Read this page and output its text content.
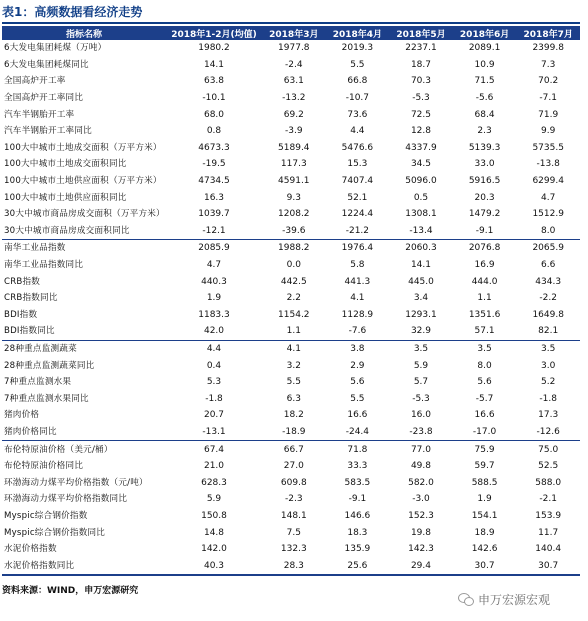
表1：高频数据看经济走势
指标名称	2018年1-2月(均值)	2018年3月	2018年4月	2018年5月	2018年6月	2018年7月
6大发电集团耗煤（万吨）	1980.2	1977.8	2019.3	2237.1	2089.1	2399.8
6大发电集团耗煤同比	14.1	-2.4	5.5	18.7	10.9	7.3
全国高炉开工率	63.8	63.1	66.8	70.3	71.5	70.2
全国高炉开工率同比	-10.1	-13.2	-10.7	-5.3	-5.6	-7.1
汽车半钢胎开工率	68.0	69.2	73.6	72.5	68.4	71.9
汽车半钢胎开工率同比	0.8	-3.9	4.4	12.8	2.3	9.9
100大中城市土地成交面积（万平方米）	4673.3	5189.4	5476.6	4337.9	5139.3	5735.5
100大中城市土地成交面积同比	-19.5	117.3	15.3	34.5	33.0	-13.8
100大中城市土地供应面积（万平方米）	4734.5	4591.1	7407.4	5096.0	5916.5	6299.4
100大中城市土地供应面积同比	16.3	9.3	52.1	0.5	20.3	4.7
30大中城市商品房成交面积（万平方米）	1039.7	1208.2	1224.4	1308.1	1479.2	1512.9
30大中城市商品房成交面积同比	-12.1	-39.6	-21.2	-13.4	-9.1	8.0
南华工业品指数	2085.9	1988.2	1976.4	2060.3	2076.8	2065.9
南华工业品指数同比	4.7	0.0	5.8	14.1	16.9	6.6
CRB指数	440.3	442.5	441.3	445.0	444.0	434.3
CRB指数同比	1.9	2.2	4.1	3.4	1.1	-2.2
BDI指数	1183.3	1154.2	1128.9	1293.1	1351.6	1649.8
BDI指数同比	42.0	1.1	-7.6	32.9	57.1	82.1
28种重点监测蔬菜	4.4	4.1	3.8	3.5	3.5	3.5
28种重点监测蔬菜同比	0.4	3.2	2.9	5.9	8.0	3.0
7种重点监测水果	5.3	5.5	5.6	5.7	5.6	5.2
7种重点监测水果同比	-1.8	6.3	5.5	-5.3	-5.7	-1.8
猪肉价格	20.7	18.2	16.6	16.0	16.6	17.3
猪肉价格同比	-13.1	-18.9	-24.4	-23.8	-17.0	-12.6
布伦特原油价格（美元/桶）	67.4	66.7	71.8	77.0	75.9	75.0
布伦特原油价格同比	21.0	27.0	33.3	49.8	59.7	52.5
环渤海动力煤平均价格指数（元/吨）	628.3	609.8	583.5	582.0	588.5	588.0
环渤海动力煤平均价格指数同比	5.9	-2.3	-9.1	-3.0	1.9	-2.1
Myspic综合钢价指数	150.8	148.1	146.6	152.3	154.1	153.9
Myspic综合钢价指数同比	14.8	7.5	18.3	19.8	18.9	11.7
水泥价格指数	142.0	132.3	135.9	142.3	142.6	140.4
水泥价格指数同比	40.3	28.3	25.6	29.4	30.7	30.7
资料来源：WIND，申万宏源研究
申万宏源宏观
